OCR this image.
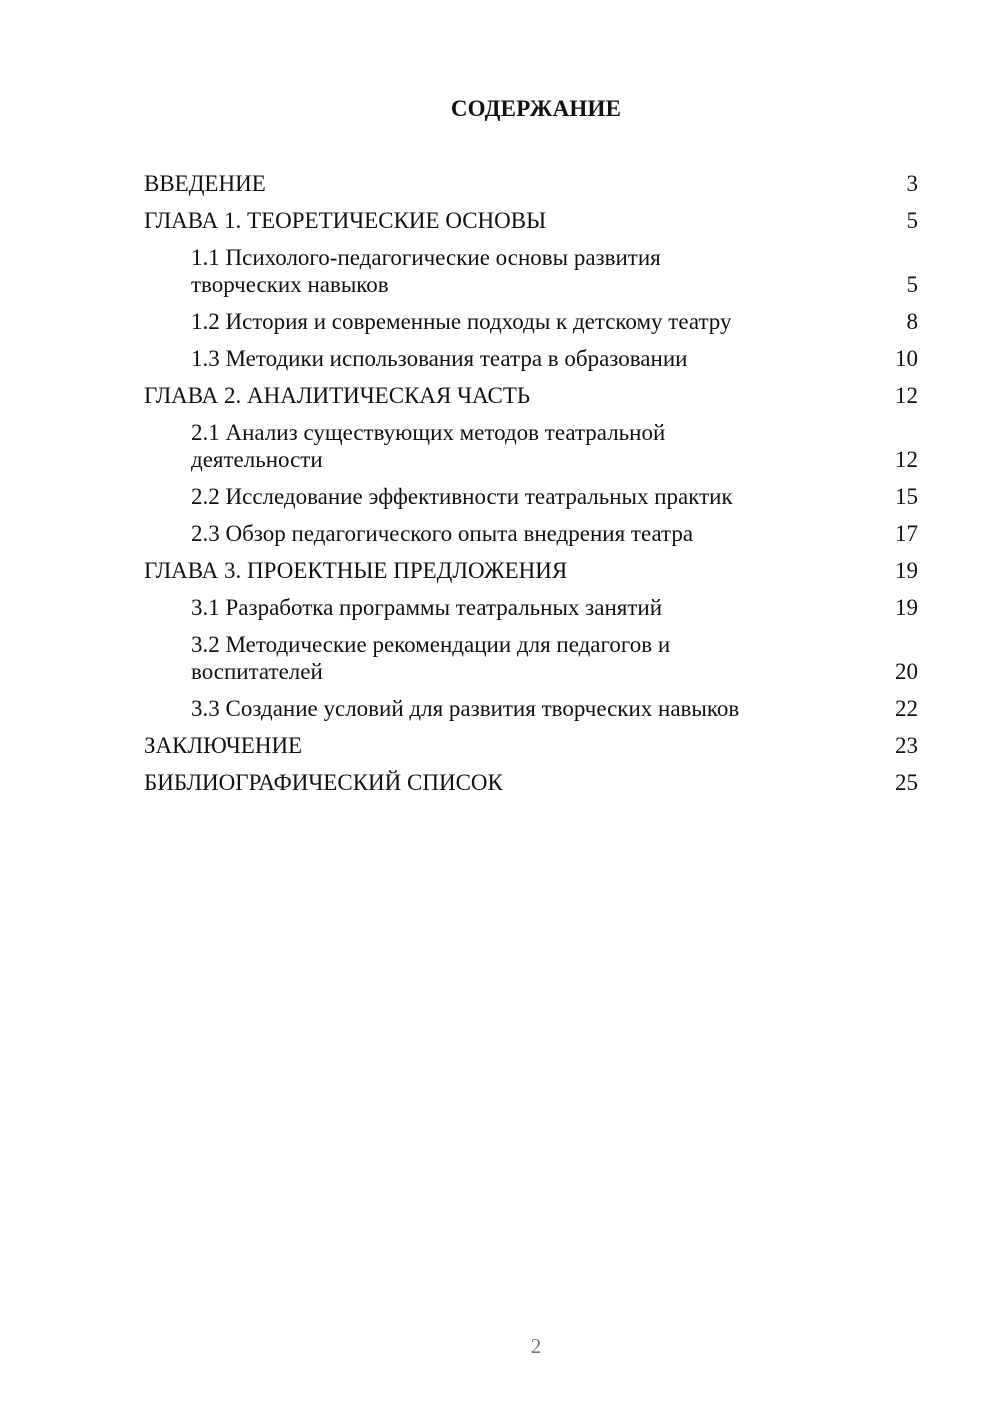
СОДЕРЖАНИЕ
ВВЕДЕНИЕ	3
ГЛАВА 1. ТЕОРЕТИЧЕСКИЕ ОСНОВЫ	5
1.1 Психолого-педагогические основы развития творческих навыков	5
1.2 История и современные подходы к детскому театру	8
1.3 Методики использования театра в образовании	10
ГЛАВА 2. АНАЛИТИЧЕСКАЯ ЧАСТЬ	12
2.1 Анализ существующих методов театральной деятельности	12
2.2 Исследование эффективности театральных практик	15
2.3 Обзор педагогического опыта внедрения театра	17
ГЛАВА 3. ПРОЕКТНЫЕ ПРЕДЛОЖЕНИЯ	19
3.1 Разработка программы театральных занятий	19
3.2 Методические рекомендации для педагогов и воспитателей	20
3.3 Создание условий для развития творческих навыков	22
ЗАКЛЮЧЕНИЕ	23
БИБЛИОГРАФИЧЕСКИЙ СПИСОК	25
2
